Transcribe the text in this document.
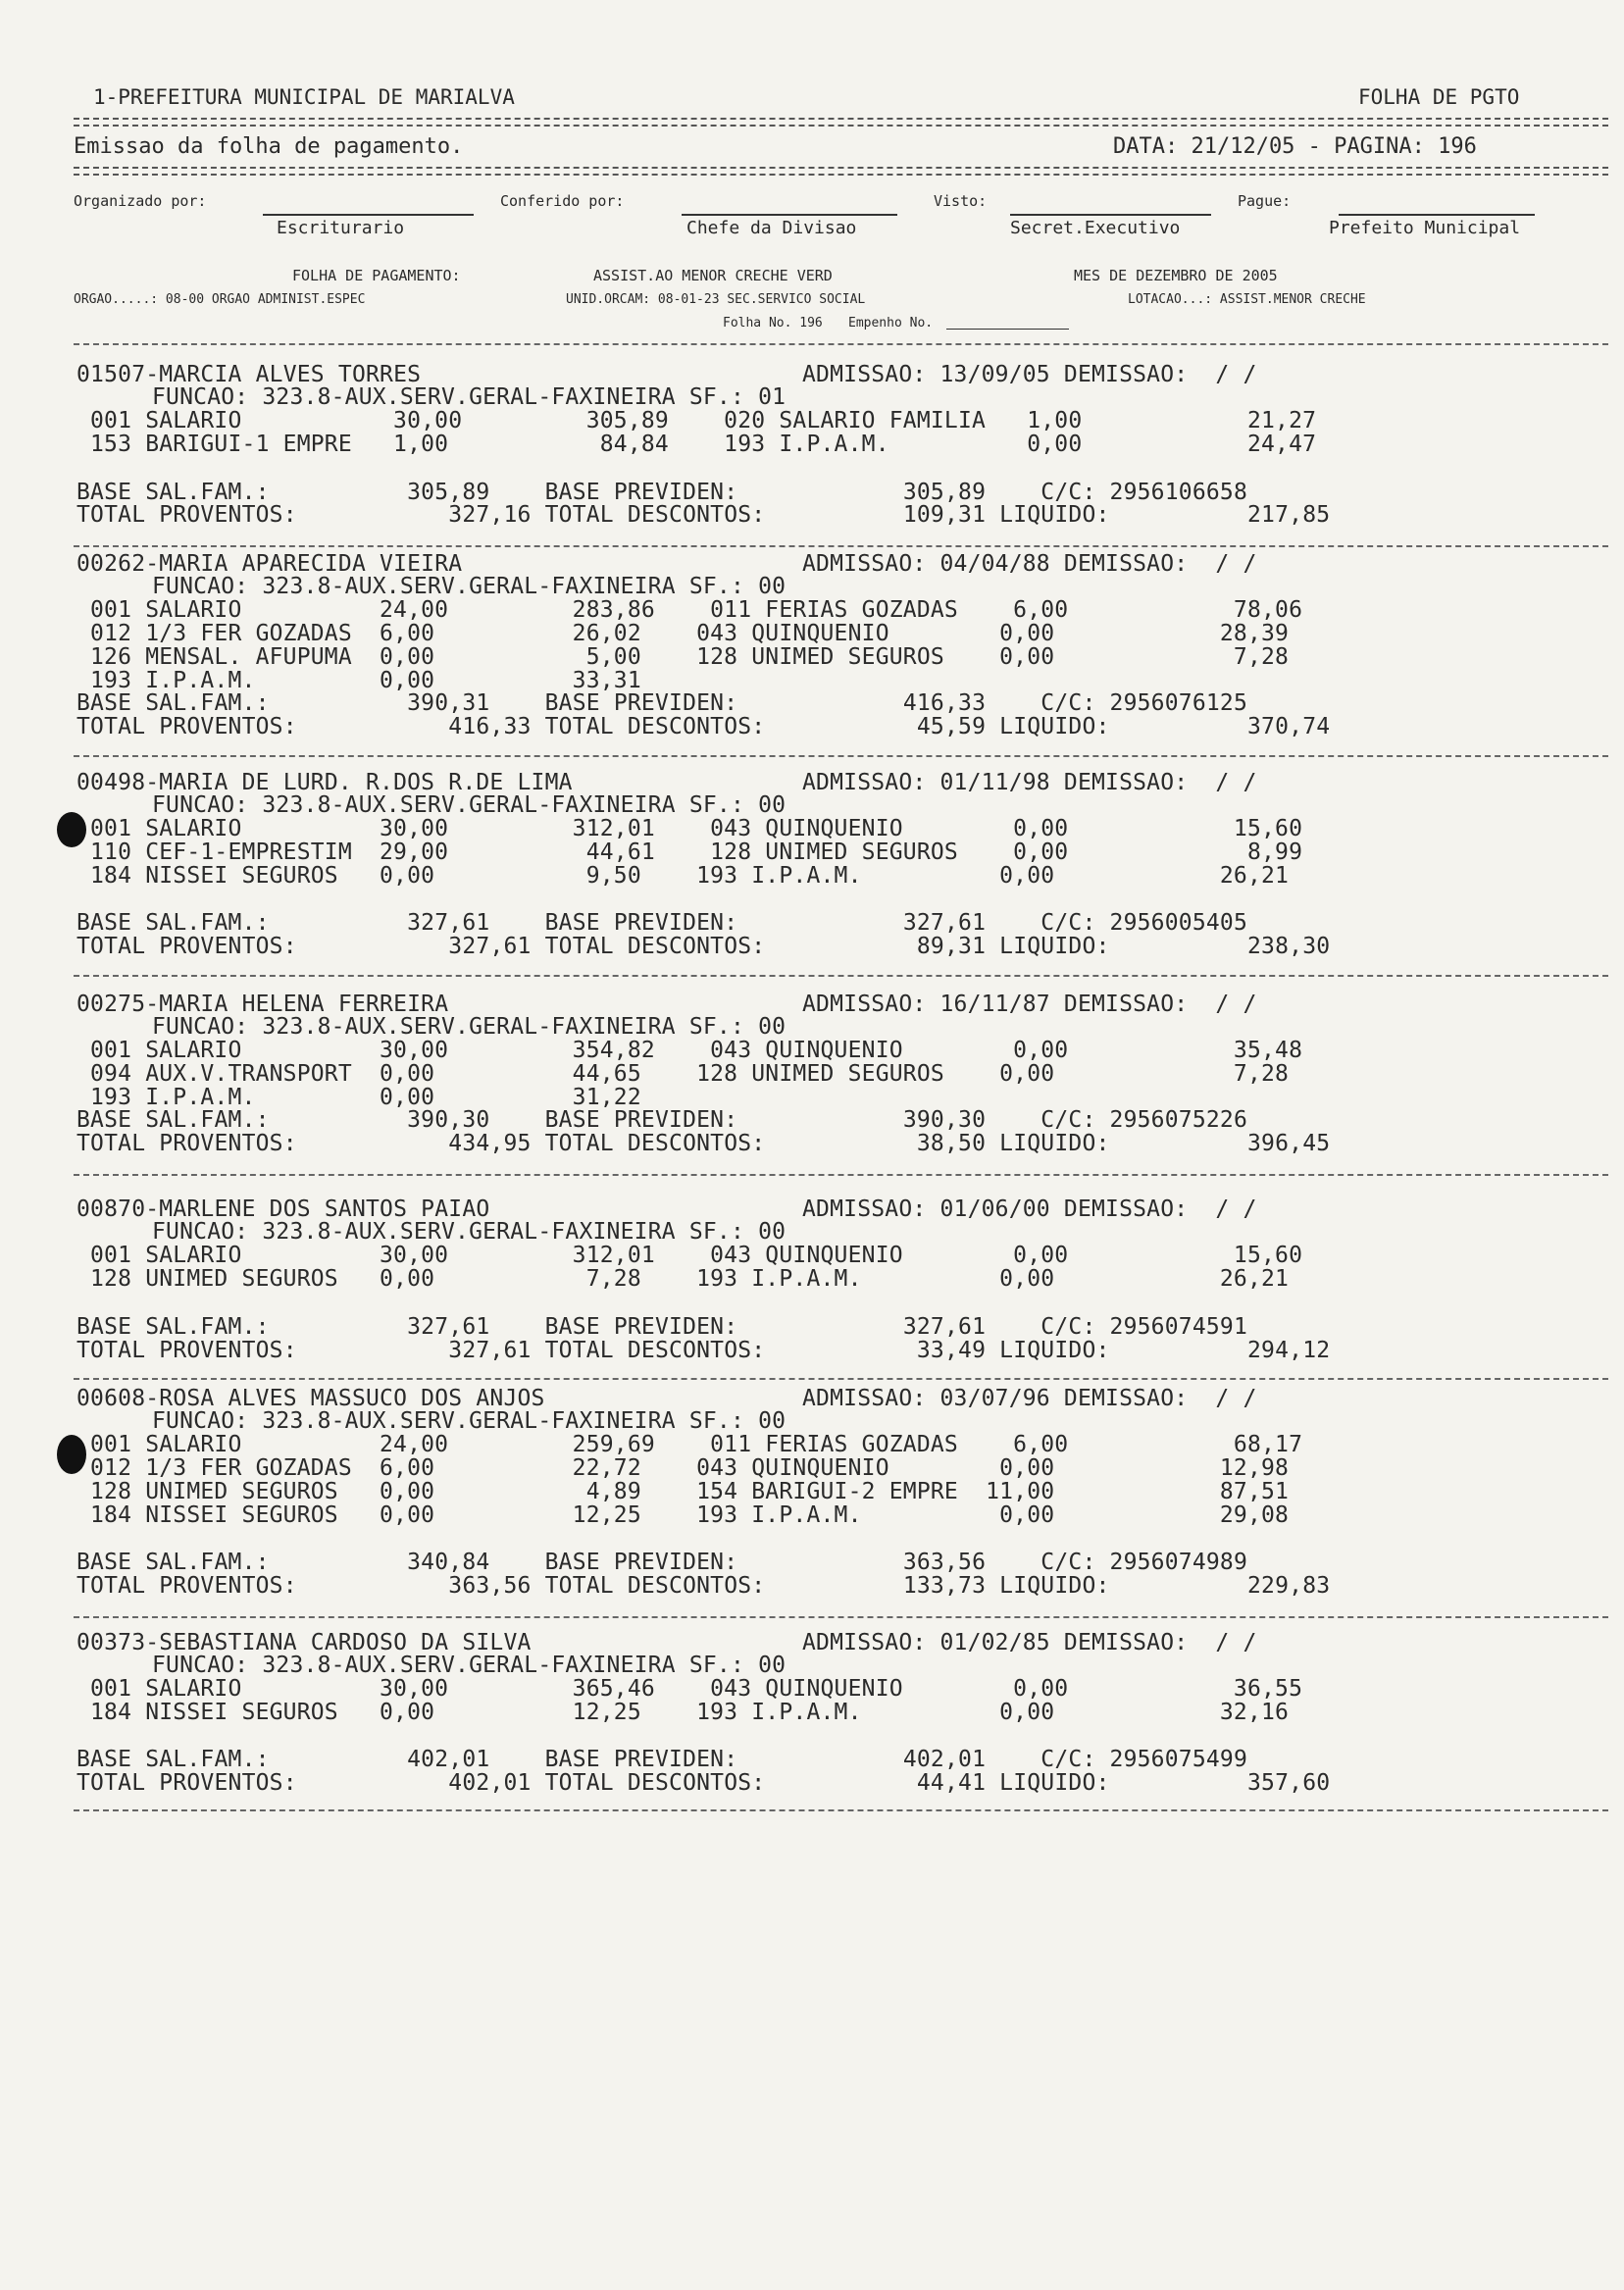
1-PREFEITURA MUNICIPAL DE MARIALVA	FOLHA DE PGTO
Emissao da folha de pagamento.	DATA: 21/12/05 - PAGINA: 196
Organizado por:
Escriturario
Conferido por:
Chefe da Divisao
Visto:
Secret.Executivo
Pague:
Prefeito Municipal
FOLHA DE PAGAMENTO:	ASSIST.AO MENOR CRECHE VERD	MES DE DEZEMBRO DE 2005
ORGAO.....: 08-00 ORGAO ADMINIST.ESPEC	UNID.ORCAM: 08-01-23 SEC.SERVICO SOCIAL	LOTACAO...: ASSIST.MENOR CRECHE
Folha No. 196 Empenho No.
01507-MARCIA ALVES TORRES	ADMISSAO: 13/09/05 DEMISSAO:  / /
FUNCAO: 323.8-AUX.SERV.GERAL-FAXINEIRA SF.: 01
001 SALARIO           30,00         305,89    020 SALARIO FAMILIA   1,00            21,27
153 BARIGUI-1 EMPRE   1,00           84,84    193 I.P.A.M.          0,00            24,47
BASE SAL.FAM.:          305,89    BASE PREVIDEN:            305,89    C/C: 2956106658
TOTAL PROVENTOS:           327,16 TOTAL DESCONTOS:          109,31 LIQUIDO:          217,85
00262-MARIA APARECIDA VIEIRA	ADMISSAO: 04/04/88 DEMISSAO:  / /
FUNCAO: 323.8-AUX.SERV.GERAL-FAXINEIRA SF.: 00
001 SALARIO          24,00         283,86    011 FERIAS GOZADAS    6,00            78,06
012 1/3 FER GOZADAS  6,00          26,02    043 QUINQUENIO        0,00            28,39
126 MENSAL. AFUPUMA  0,00           5,00    128 UNIMED SEGUROS    0,00             7,28
193 I.P.A.M.         0,00          33,31
BASE SAL.FAM.:          390,31    BASE PREVIDEN:            416,33    C/C: 2956076125
TOTAL PROVENTOS:           416,33 TOTAL DESCONTOS:           45,59 LIQUIDO:          370,74
00498-MARIA DE LURD. R.DOS R.DE LIMA	ADMISSAO: 01/11/98 DEMISSAO:  / /
FUNCAO: 323.8-AUX.SERV.GERAL-FAXINEIRA SF.: 00
001 SALARIO          30,00         312,01    043 QUINQUENIO        0,00            15,60
110 CEF-1-EMPRESTIM  29,00          44,61    128 UNIMED SEGUROS    0,00             8,99
184 NISSEI SEGUROS   0,00           9,50    193 I.P.A.M.          0,00            26,21
BASE SAL.FAM.:          327,61    BASE PREVIDEN:            327,61    C/C: 2956005405
TOTAL PROVENTOS:           327,61 TOTAL DESCONTOS:           89,31 LIQUIDO:          238,30
00275-MARIA HELENA FERREIRA	ADMISSAO: 16/11/87 DEMISSAO:  / /
FUNCAO: 323.8-AUX.SERV.GERAL-FAXINEIRA SF.: 00
001 SALARIO          30,00         354,82    043 QUINQUENIO        0,00            35,48
094 AUX.V.TRANSPORT  0,00          44,65    128 UNIMED SEGUROS    0,00             7,28
193 I.P.A.M.         0,00          31,22
BASE SAL.FAM.:          390,30    BASE PREVIDEN:            390,30    C/C: 2956075226
TOTAL PROVENTOS:           434,95 TOTAL DESCONTOS:           38,50 LIQUIDO:          396,45
00870-MARLENE DOS SANTOS PAIAO	ADMISSAO: 01/06/00 DEMISSAO:  / /
FUNCAO: 323.8-AUX.SERV.GERAL-FAXINEIRA SF.: 00
001 SALARIO          30,00         312,01    043 QUINQUENIO        0,00            15,60
128 UNIMED SEGUROS   0,00           7,28    193 I.P.A.M.          0,00            26,21
BASE SAL.FAM.:          327,61    BASE PREVIDEN:            327,61    C/C: 2956074591
TOTAL PROVENTOS:           327,61 TOTAL DESCONTOS:           33,49 LIQUIDO:          294,12
00608-ROSA ALVES MASSUCO DOS ANJOS	ADMISSAO: 03/07/96 DEMISSAO:  / /
FUNCAO: 323.8-AUX.SERV.GERAL-FAXINEIRA SF.: 00
001 SALARIO          24,00         259,69    011 FERIAS GOZADAS    6,00            68,17
012 1/3 FER GOZADAS  6,00          22,72    043 QUINQUENIO        0,00            12,98
128 UNIMED SEGUROS   0,00           4,89    154 BARIGUI-2 EMPRE  11,00            87,51
184 NISSEI SEGUROS   0,00          12,25    193 I.P.A.M.          0,00            29,08
BASE SAL.FAM.:          340,84    BASE PREVIDEN:            363,56    C/C: 2956074989
TOTAL PROVENTOS:           363,56 TOTAL DESCONTOS:          133,73 LIQUIDO:          229,83
00373-SEBASTIANA CARDOSO DA SILVA	ADMISSAO: 01/02/85 DEMISSAO:  / /
FUNCAO: 323.8-AUX.SERV.GERAL-FAXINEIRA SF.: 00
001 SALARIO          30,00         365,46    043 QUINQUENIO        0,00            36,55
184 NISSEI SEGUROS   0,00          12,25    193 I.P.A.M.          0,00            32,16
BASE SAL.FAM.:          402,01    BASE PREVIDEN:            402,01    C/C: 2956075499
TOTAL PROVENTOS:           402,01 TOTAL DESCONTOS:           44,41 LIQUIDO:          357,60
